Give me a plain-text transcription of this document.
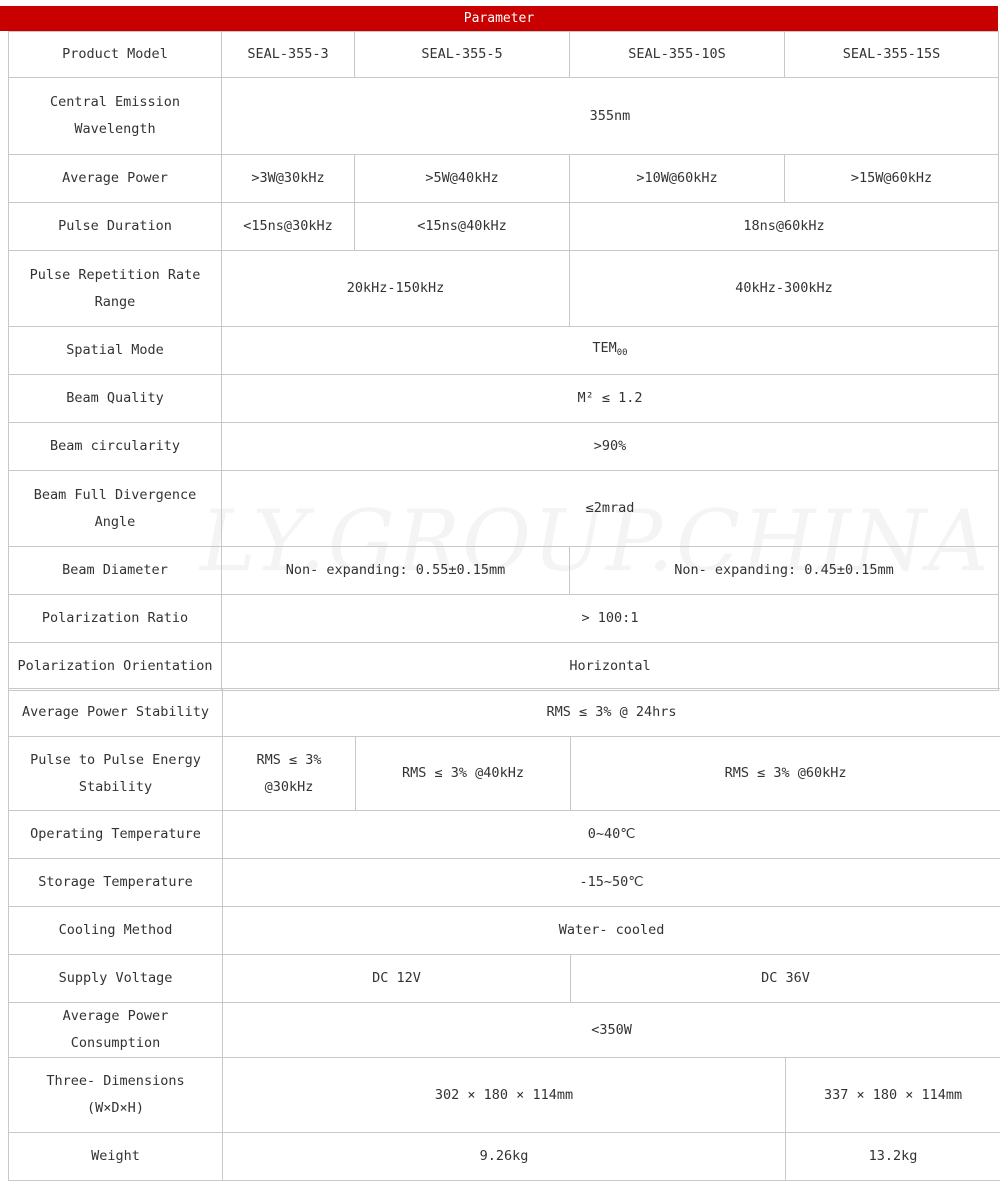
Parameter
Product Model	SEAL-355-3	SEAL-355-5	SEAL-355-10S	SEAL-355-15S
Central Emission Wavelength	355nm			
Average Power	>3W@30kHz	>5W@40kHz	>10W@60kHz	>15W@60kHz
Pulse Duration	<15ns@30kHz	<15ns@40kHz	18ns@60kHz	
Pulse Repetition Rate Range	20kHz-150kHz		40kHz-300kHz	
Spatial Mode	$TEM_{00}$
Beam Quality	M² ≤ 1.2			
Beam circularity	>90%			
Beam Full Divergence Angle	≤2mrad			
Beam Diameter	Non- expanding: 0.55±0.15mm		Non- expanding: 0.45±0.15mm	
Polarization Ratio	> 100:1			
Polarization Orientation	Horizontal			
Average Power Stability	RMS ≤ 3% @ 24hrs			
Pulse to Pulse Energy Stability	RMS ≤ 3% @30kHz	RMS ≤ 3% @40kHz	RMS ≤ 3% @60kHz	
Operating Temperature	0~40℃			
Storage Temperature	-15~50℃			
Cooling Method	Water- cooled			
Supply Voltage	DC 12V		DC 36V	
Average Power Consumption	<350W			
Three- Dimensions (W×D×H)	302 × 180 × 114mm			337 × 180 × 114mm
Weight	9.26kg			13.2kg
